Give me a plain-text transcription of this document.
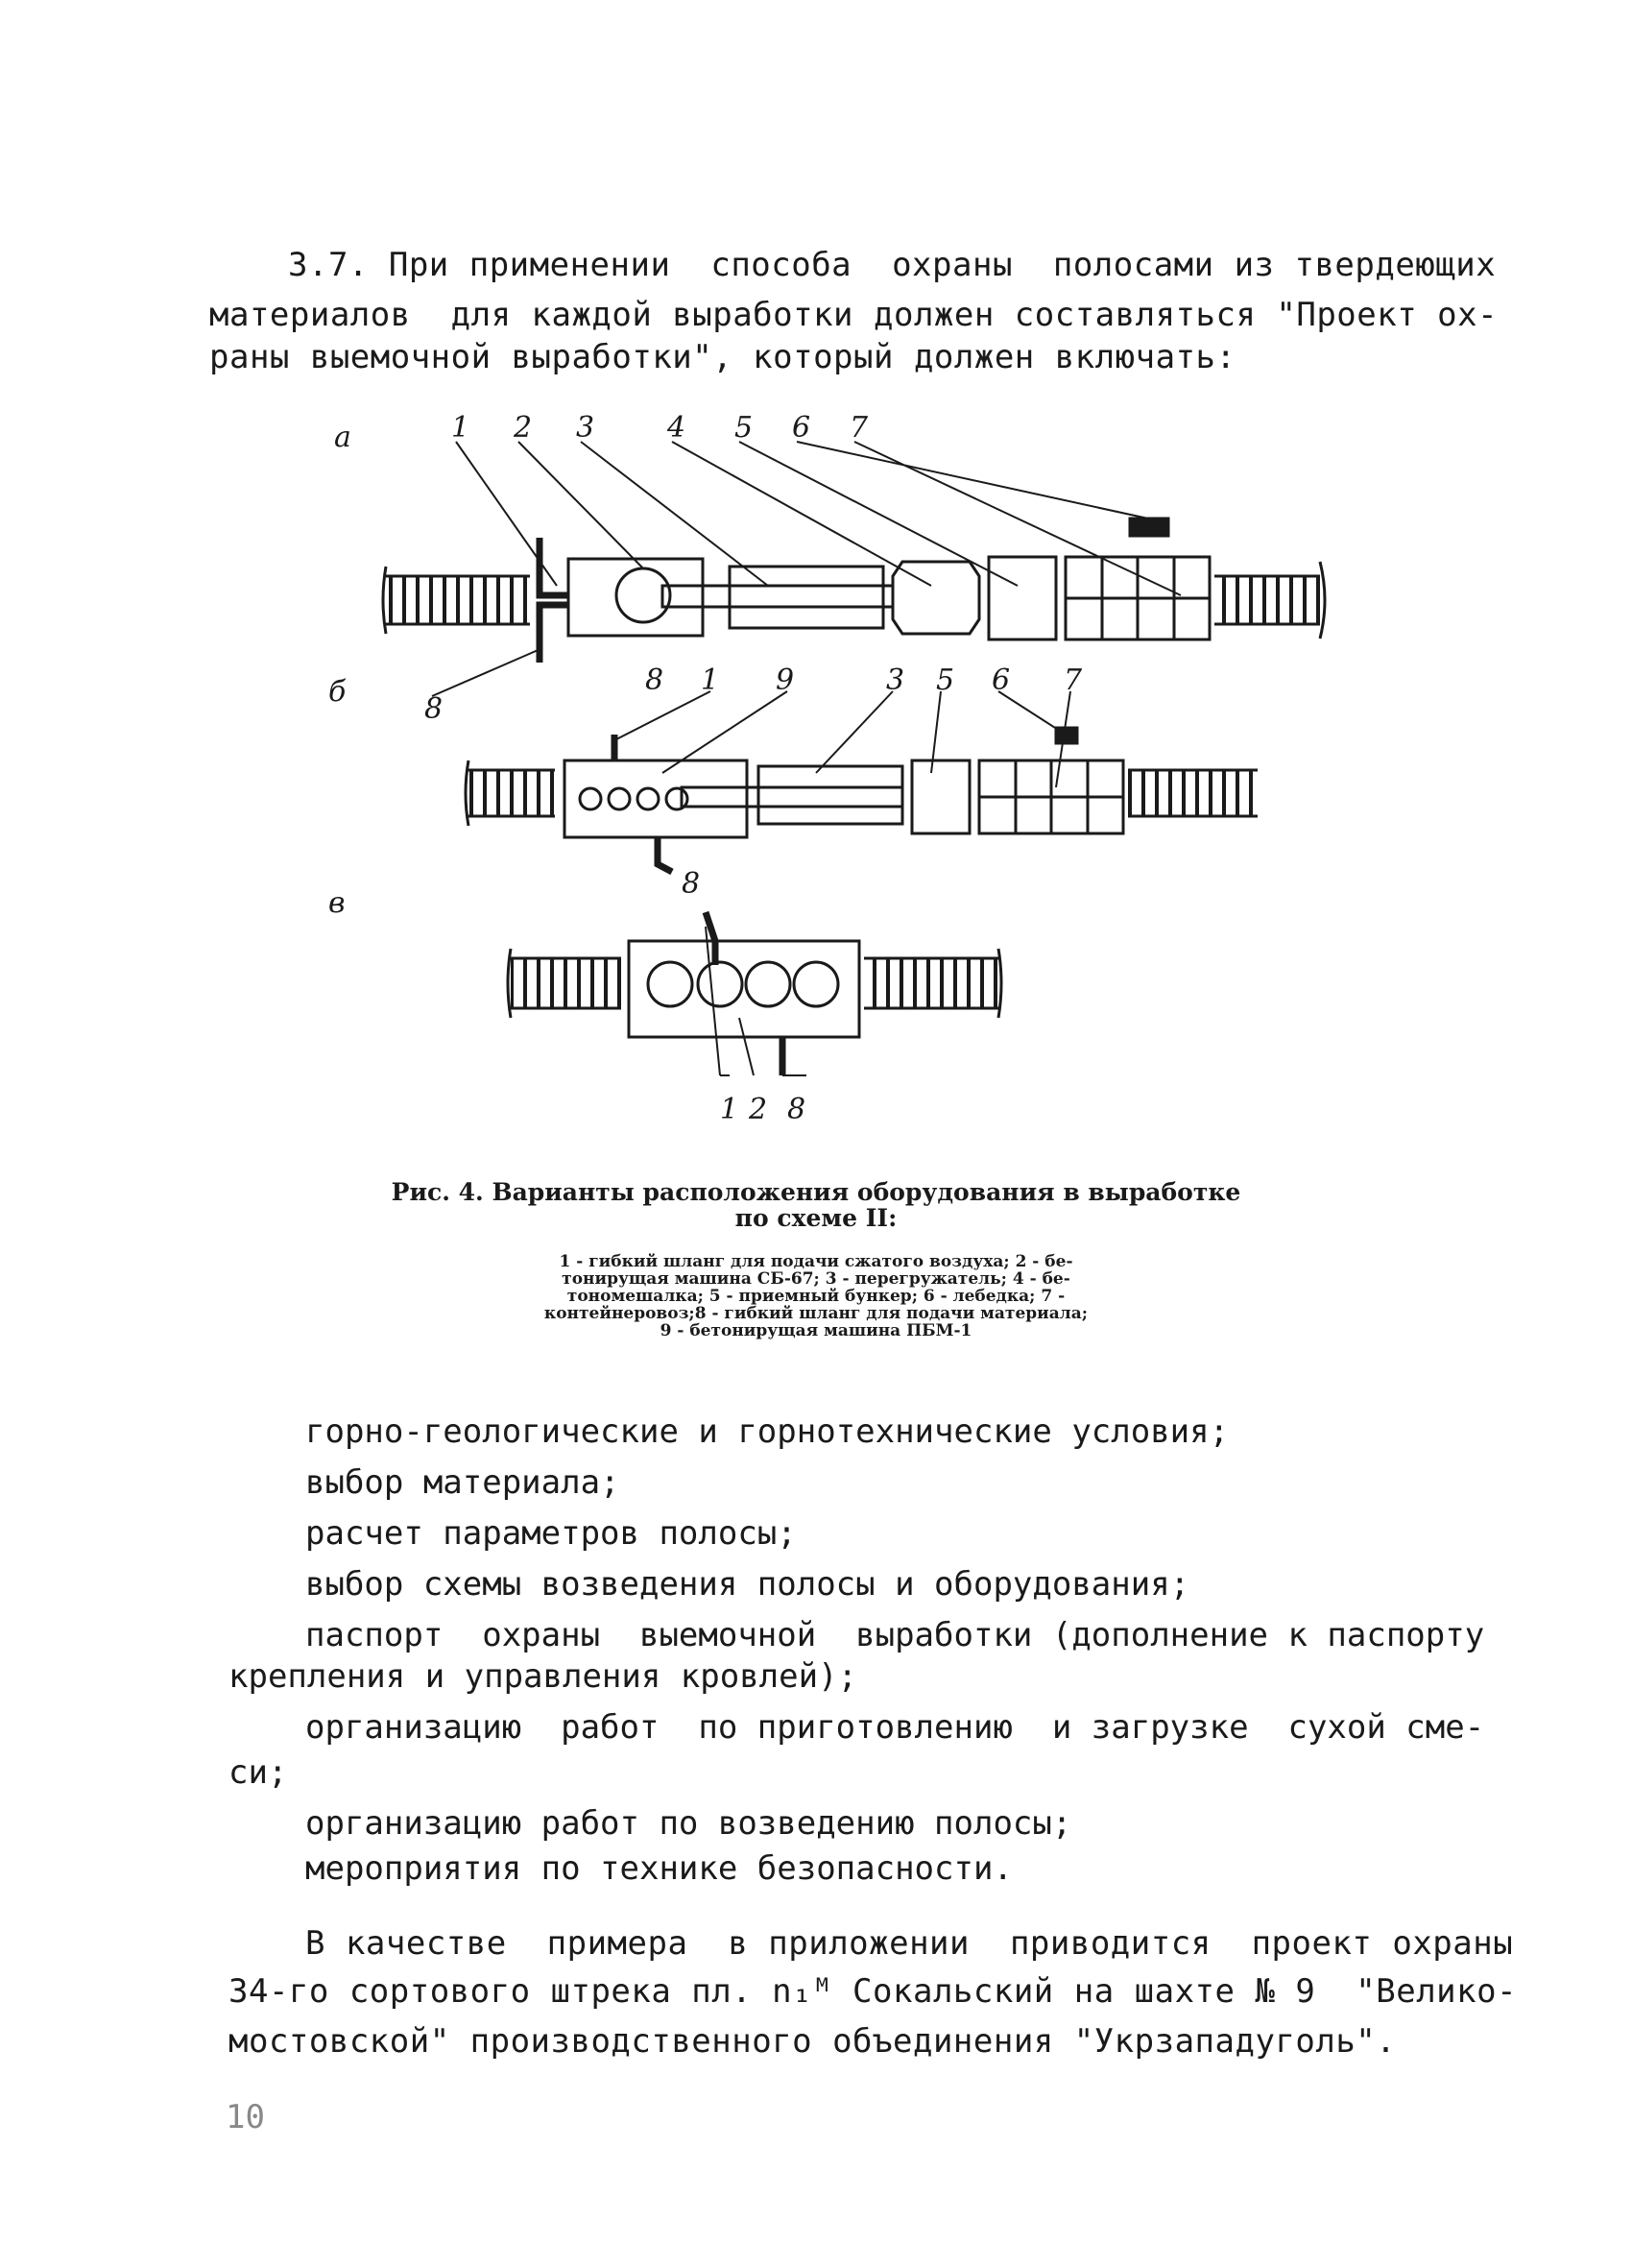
3.7. При применении  способа  охраны  полосами из твердеющих

материалов  для каждой выработки должен составляться "Проект ох-

раны выемочной выработки", который должен включать:

а	1 2 3	4 5 6 7
8
б	8 1 9	3 5 6 7
8
в
1 2 8
Рис. 4. Варианты расположения оборудования в выработке
по схеме II:
1 - гибкий шланг для подачи сжатого воздуха; 2 - бе-
тонирущая машина СБ-67; 3 - перегружатель; 4 - бе-
тономешалка; 5 - приемный бункер; 6 - лебедка; 7 -
контейнеровоз;8 - гибкий шланг для подачи материала;
9 - бетонирущая машина ПБМ-1

горно-геологические и горнотехнические условия;

выбор материала;

расчет параметров полосы;

выбор схемы возведения полосы и оборудования;

паспорт  охраны  выемочной  выработки (дополнение к паспорту

крепления и управления кровлей);

организацию  работ  по приготовлению  и загрузке  сухой сме-

си;

организацию работ по возведению полосы;

мероприятия по технике безопасности.

В качестве  примера  в приложении  приводится  проект охраны

34-го сортового штрека пл. n₁ᴹ Сокальский на шахте № 9  "Велико-

мостовской" производственного объединения "Укрзападуголь".

10
